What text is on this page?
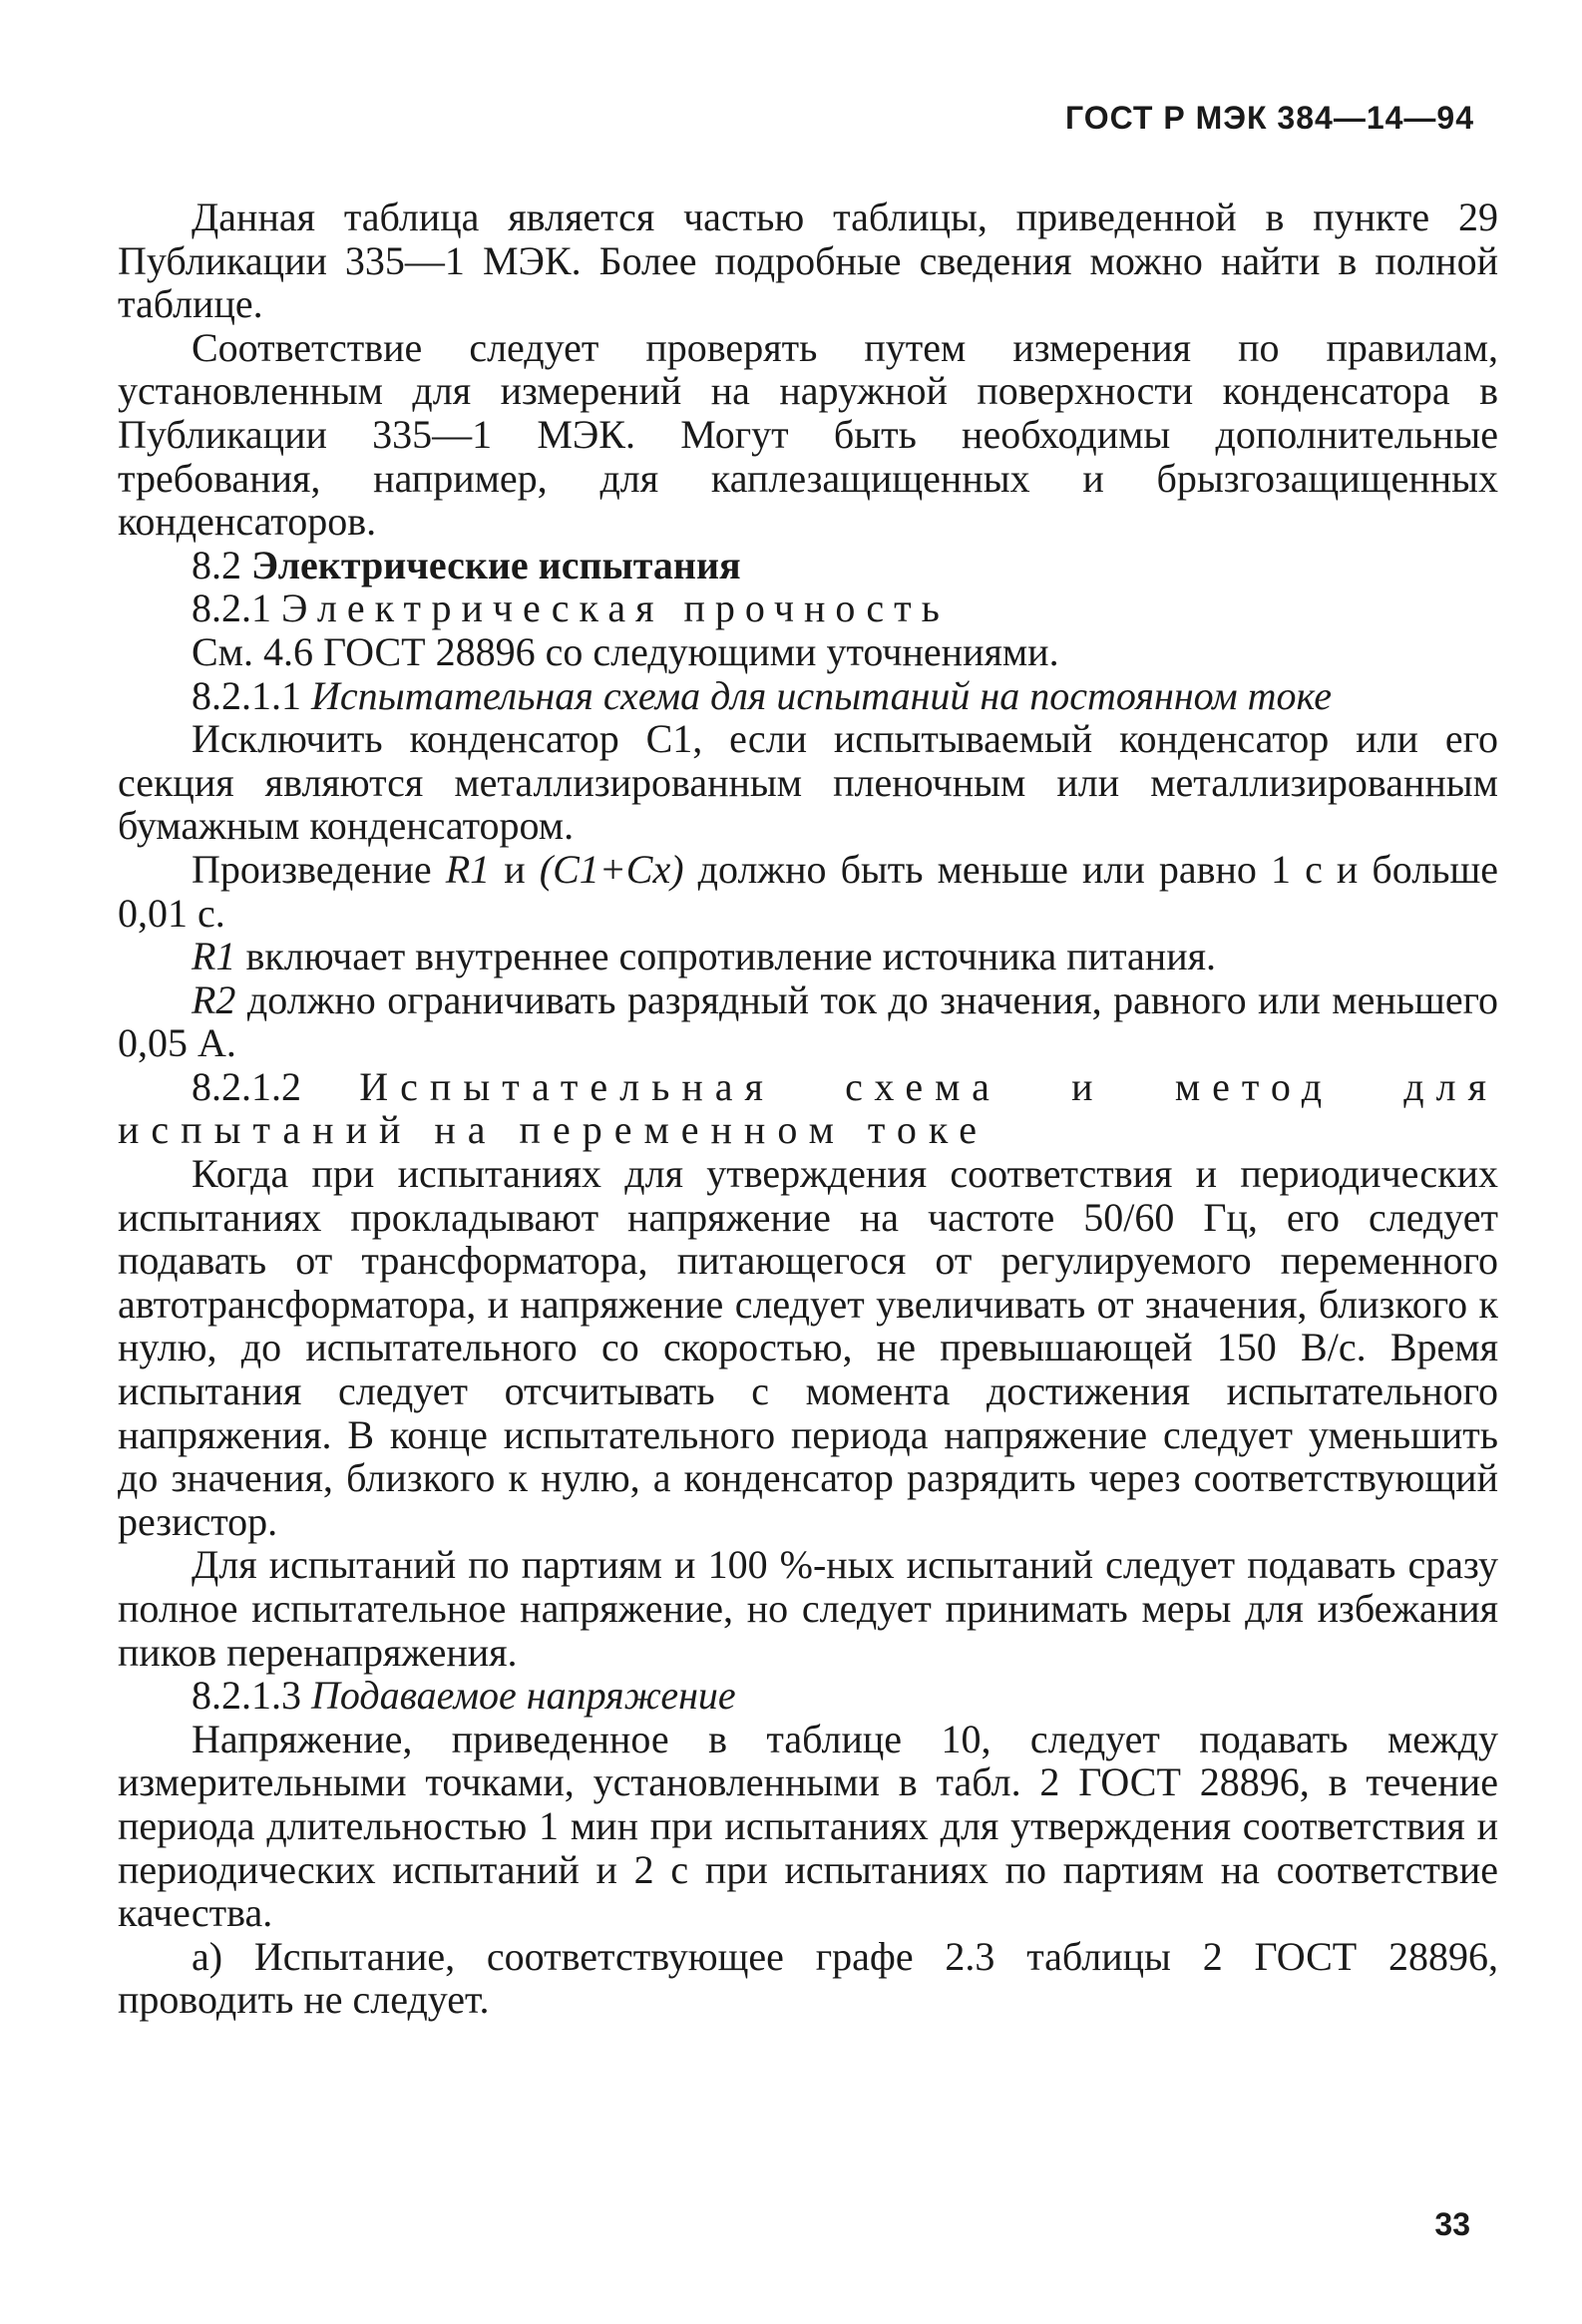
ГОСТ Р МЭК 384—14—94

Данная таблица является частью таблицы, приведенной в пункте 29 Публикации 335—1 МЭК. Более подробные сведения можно найти в полной таблице.

Соответствие следует проверять путем измерения по правилам, установленным для измерений на наружной поверхности конденсатора в Публикации 335—1 МЭК. Могут быть необходимы дополнительные требования, например, для каплезащищенных и брызгозащищенных конденсаторов.

8.2 Электрические испытания

8.2.1 Электрическая прочность

См. 4.6 ГОСТ 28896 со следующими уточнениями.

8.2.1.1 Испытательная схема для испытаний на постоянном токе

Исключить конденсатор C1, если испытываемый конденсатор или его секция являются металлизированным пленочным или металлизированным бумажным конденсатором.

Произведение R1 и (C1+Cx) должно быть меньше или равно 1 с и больше 0,01 с.

R1 включает внутреннее сопротивление источника питания.

R2 должно ограничивать разрядный ток до значения, равного или меньшего 0,05 А.

8.2.1.2 Испытательная схема и метод для испытаний на переменном токе

Когда при испытаниях для утверждения соответствия и периодических испытаниях прокладывают напряжение на частоте 50/60 Гц, его следует подавать от трансформатора, питающегося от регулируемого переменного автотрансформатора, и напряжение следует увеличивать от значения, близкого к нулю, до испытательного со скоростью, не превышающей 150 В/с. Время испытания следует отсчитывать с момента достижения испытательного напряжения. В конце испытательного периода напряжение следует уменьшить до значения, близкого к нулю, а конденсатор разрядить через соответствующий резистор.

Для испытаний по партиям и 100 %-ных испытаний следует подавать сразу полное испытательное напряжение, но следует принимать меры для избежания пиков перенапряжения.

8.2.1.3 Подаваемое напряжение

Напряжение, приведенное в таблице 10, следует подавать между измерительными точками, установленными в табл. 2 ГОСТ 28896, в течение периода длительностью 1 мин при испытаниях для утверждения соответствия и периодических испытаний и 2 с при испытаниях по партиям на соответствие качества.

а) Испытание, соответствующее графе 2.3 таблицы 2 ГОСТ 28896, проводить не следует.

33
